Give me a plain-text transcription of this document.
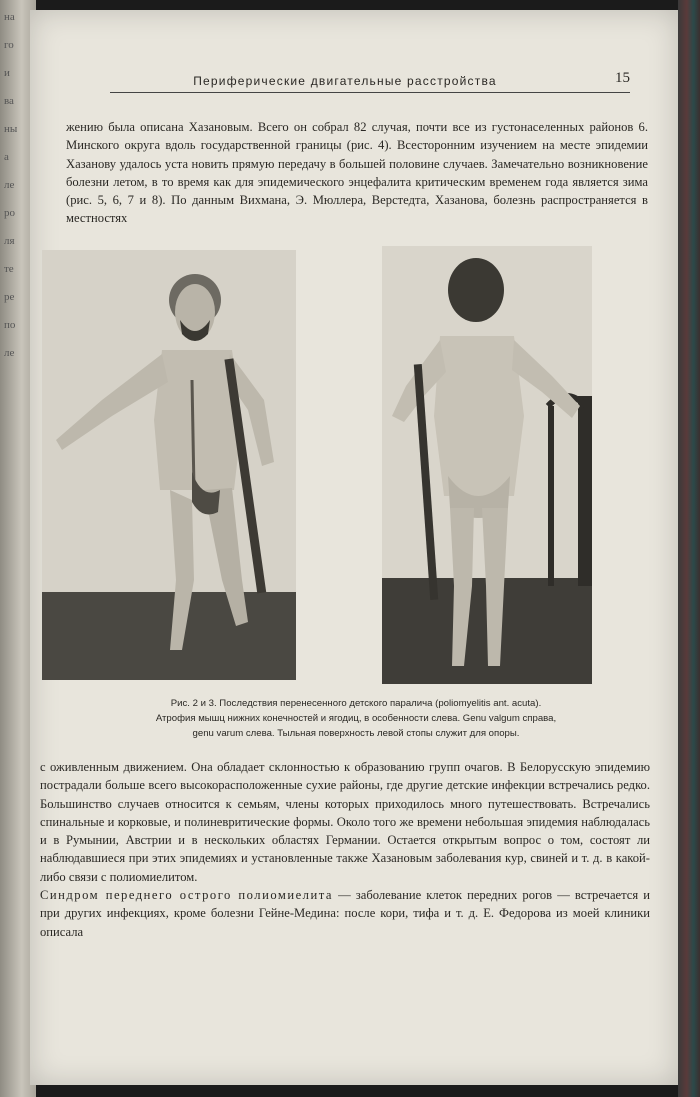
на
го
и
ва
ны
а
ле
ро
ля
те
ре
по
ле
Периферические двигательные расстройства	15

жению была описана Хазановым. Всего он собрал 82 случая, почти все из густонаселенных районов 6. Минского округа вдоль государственной границы (рис. 4). Всесторонним изучением на месте эпидемии Хазанову удалось уста новить прямую передачу в большей половине случаев. Замечательно возникновение болезни летом, в то время как для эпидемического энцефалита критическим временем года является зима (рис. 5, 6, 7 и 8). По данным Вихмана, Э. Мюллера, Верстедта, Хазанова, болезнь распространяется в местностях

Рис. 2 и 3. Последствия перенесенного детского паралича (poliomyelitis ant. acuta).
Атрофия мышц нижних конечностей и ягодиц, в особенности слева. Genu valgum справа,
genu varum слева. Тыльная поверхность левой стопы служит для опоры.

с оживленным движением. Она обладает склонностью к образованию групп очагов. В Белорусскую эпидемию пострадали больше всего высокорасположенные сухие районы, где другие детские инфекции встречались редко. Большинство случаев относится к семьям, члены которых приходилось много путешествовать. Встречались спинальные и корковые, и полиневритические формы. Около того же времени небольшая эпидемия наблюдалась и в Румынии, Австрии и в нескольких областях Германии. Остается открытым вопрос о том, состоят ли наблюдавшиеся при этих эпидемиях и установленные также Хазановым заболевания кур, свиней и т. д. в какой-либо связи с полиомиелитом.
Синдром переднего острого полиомиелита — заболевание клеток передних рогов — встречается и при других инфекциях, кроме болезни Гейне-Медина: после кори, тифа и т. д. Е. Федорова из моей клиники описала
